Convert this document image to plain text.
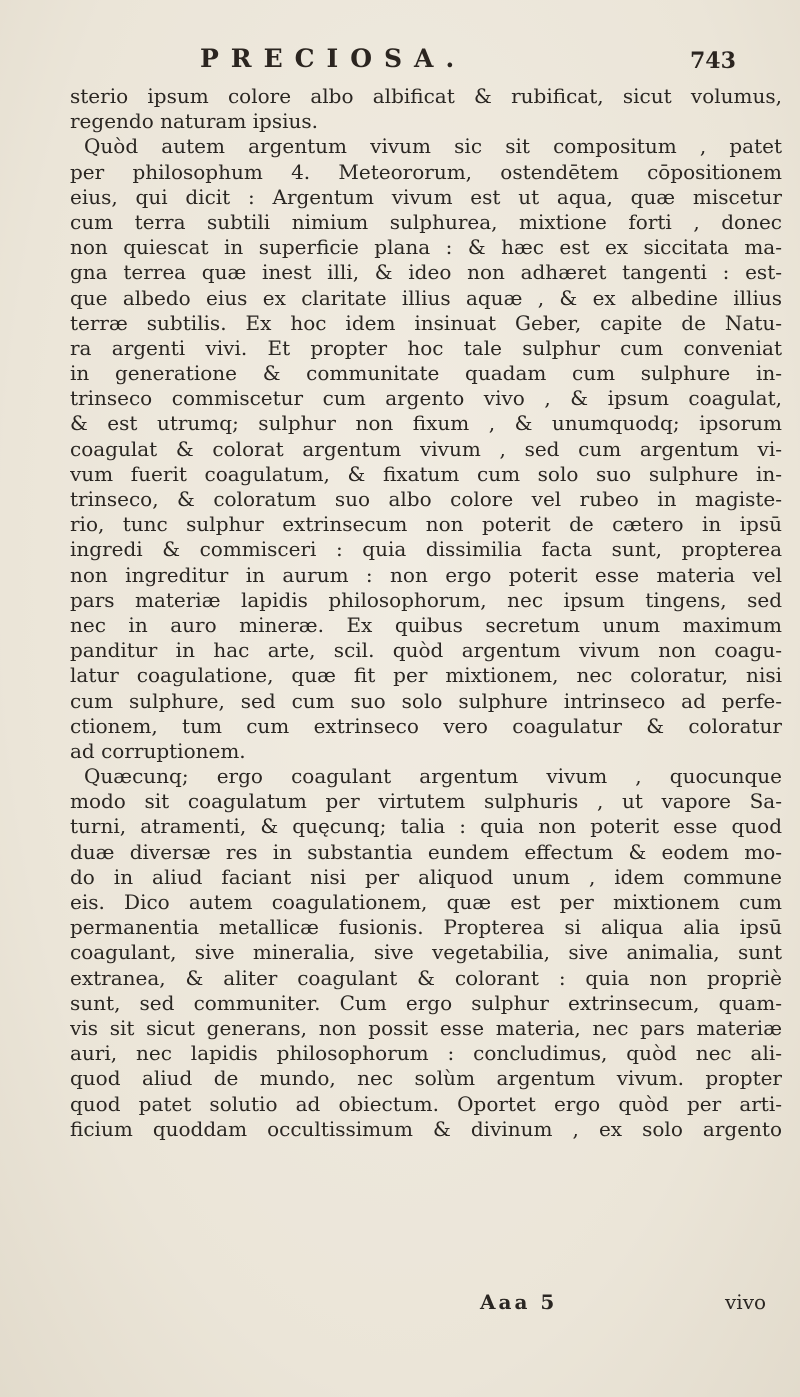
PRECIOSA.	743
sterio ipsum colore albo albificat & rubificat, sicut volumus,
regendo naturam ipsius.
Quòd autem argentum vivum sic sit compositum , patet
per philosophum 4. Meteororum, ostendētem cōpositionem
eius, qui dicit : Argentum vivum est ut aqua, quæ miscetur
cum terra subtili nimium sulphurea, mixtione forti , donec
non quiescat in superficie plana : & hæc est ex siccitata ma-
gna terrea quæ inest illi, & ideo non adhæret tangenti : est-
que albedo eius ex claritate illius aquæ , & ex albedine illius
terræ subtilis. Ex hoc idem insinuat Geber, capite de Natu-
ra argenti vivi. Et propter hoc tale sulphur cum conveniat
in generatione & communitate quadam cum sulphure in-
trinseco commiscetur cum argento vivo , & ipsum coagulat,
& est utrumq; sulphur non fixum , & unumquodq; ipsorum
coagulat & colorat argentum vivum , sed cum argentum vi-
vum fuerit coagulatum, & fixatum cum solo suo sulphure in-
trinseco, & coloratum suo albo colore vel rubeo in magiste-
rio, tunc sulphur extrinsecum non poterit de cætero in ipsū
ingredi & commisceri : quia dissimilia facta sunt, propterea
non ingreditur in aurum : non ergo poterit esse materia vel
pars materiæ lapidis philosophorum, nec ipsum tingens, sed
nec in auro mineræ. Ex quibus secretum unum maximum
panditur in hac arte, scil. quòd argentum vivum non coagu-
latur coagulatione, quæ fit per mixtionem, nec coloratur, nisi
cum sulphure, sed cum suo solo sulphure intrinseco ad perfe-
ctionem, tum cum extrinseco vero coagulatur & coloratur
ad corruptionem.
Quæcunq; ergo coagulant argentum vivum , quocunque
modo sit coagulatum per virtutem sulphuris , ut vapore Sa-
turni, atramenti, & quęcunq; talia : quia non poterit esse quod
duæ diversæ res in substantia eundem effectum & eodem mo-
do in aliud faciant nisi per aliquod unum , idem commune
eis. Dico autem coagulationem, quæ est per mixtionem cum
permanentia metallicæ fusionis. Propterea si aliqua alia ipsū
coagulant, sive mineralia, sive vegetabilia, sive animalia, sunt
extranea, & aliter coagulant & colorant : quia non propriè
sunt, sed communiter. Cum ergo sulphur extrinsecum, quam-
vis sit sicut generans, non possit esse materia, nec pars materiæ
auri, nec lapidis philosophorum : concludimus, quòd nec ali-
quod aliud de mundo, nec solùm argentum vivum. propter
quod patet solutio ad obiectum. Oportet ergo quòd per arti-
ficium quoddam occultissimum & divinum , ex solo argento
Aaa 5	vivo
